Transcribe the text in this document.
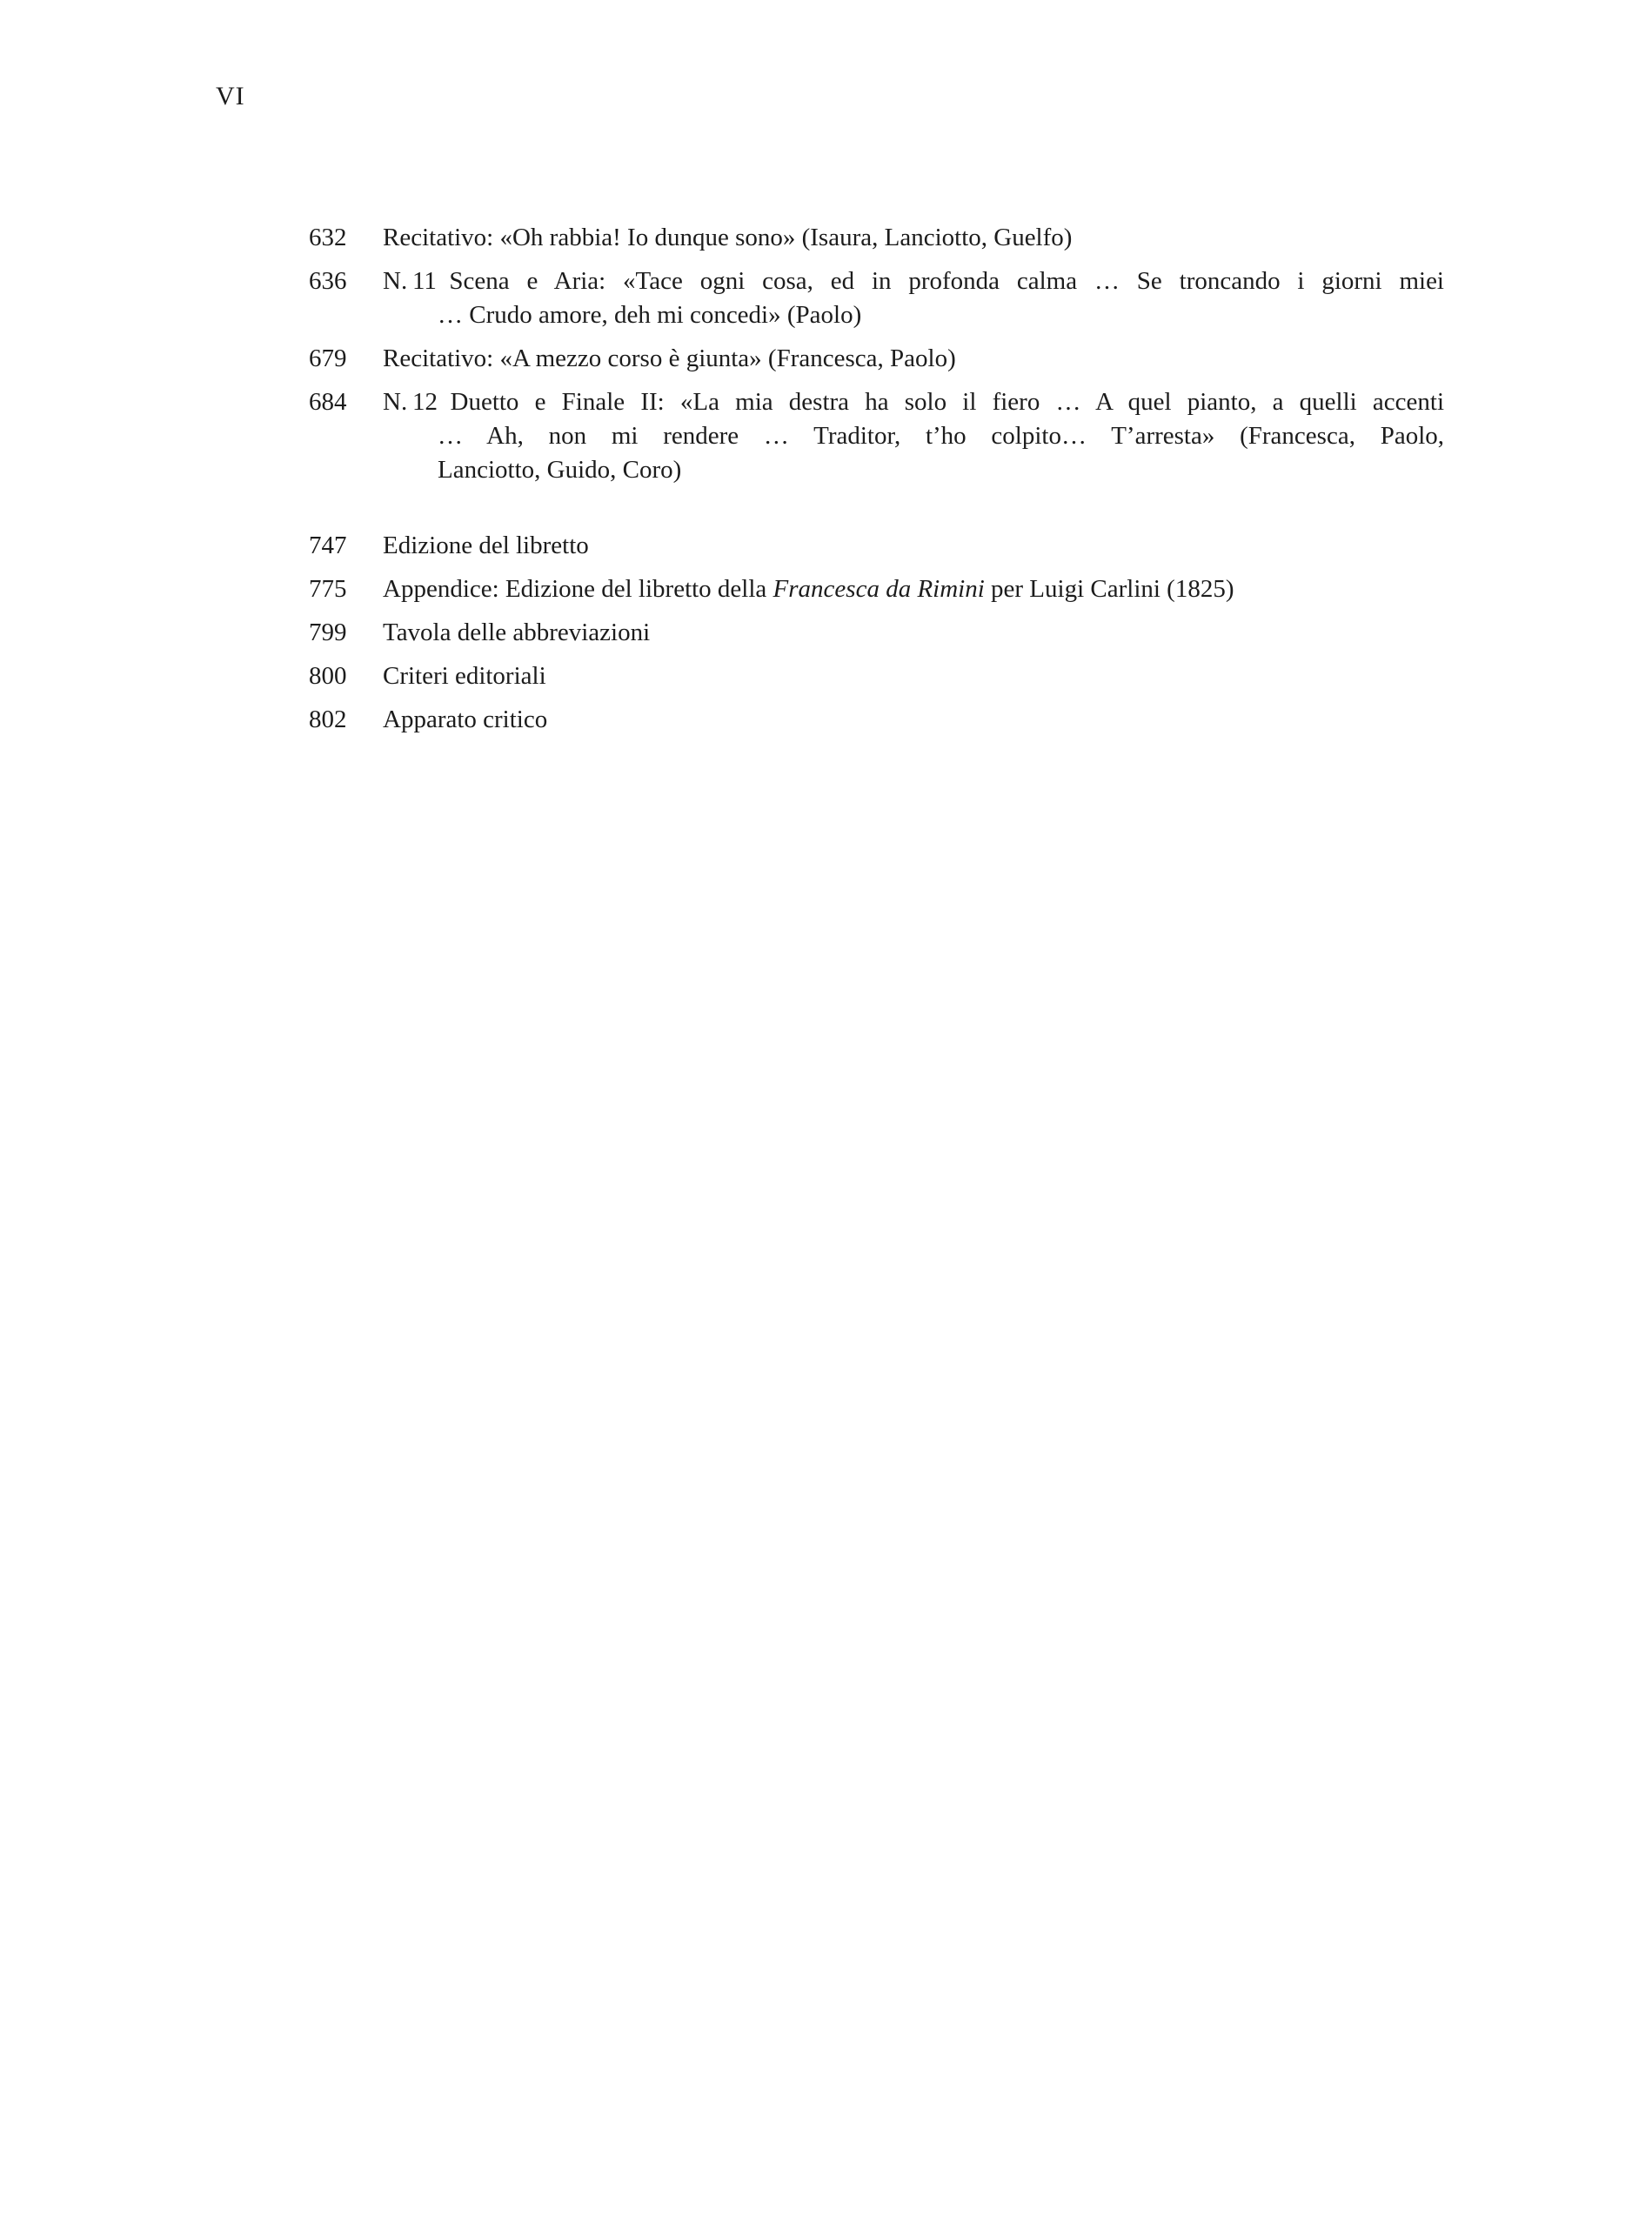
VI
632	Recitativo: «Oh rabbia! Io dunque sono» (Isaura, Lanciotto, Guelfo)
636	N. 11 Scena e Aria: «Tace ogni cosa, ed in profonda calma … Se troncando i giorni miei
… Crudo amore, deh mi concedi» (Paolo)
679	Recitativo: «A mezzo corso è giunta» (Francesca, Paolo)
684	N. 12 Duetto e Finale II: «La mia destra ha solo il fiero … A quel pianto, a quelli accenti
… Ah, non mi rendere … Traditor, t’ho colpito… T’arresta» (Francesca, Paolo,
Lanciotto, Guido, Coro)
747	Edizione del libretto
775	Appendice: Edizione del libretto della Francesca da Rimini per Luigi Carlini (1825)
799	Tavola delle abbreviazioni
800	Criteri editoriali
802	Apparato critico
